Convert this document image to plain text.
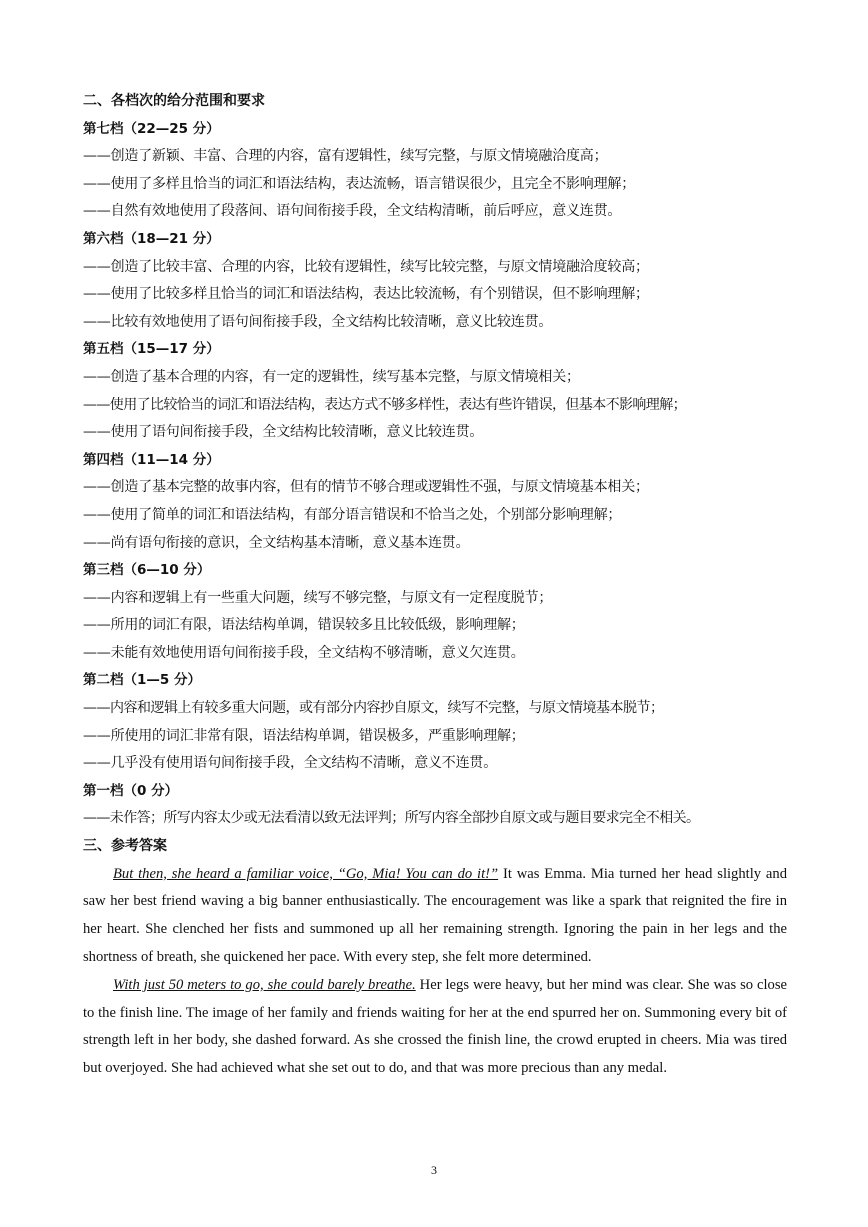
二、各档次的给分范围和要求
第七档（22—25 分）
——创造了新颖、丰富、合理的内容，富有逻辑性，续写完整，与原文情境融洽度高；
——使用了多样且恰当的词汇和语法结构，表达流畅，语言错误很少，且完全不影响理解；
——自然有效地使用了段落间、语句间衔接手段，全文结构清晰，前后呼应，意义连贯。
第六档（18—21 分）
——创造了比较丰富、合理的内容，比较有逻辑性，续写比较完整，与原文情境融洽度较高；
——使用了比较多样且恰当的词汇和语法结构，表达比较流畅，有个别错误，但不影响理解；
——比较有效地使用了语句间衔接手段，全文结构比较清晰，意义比较连贯。
第五档（15—17 分）
——创造了基本合理的内容，有一定的逻辑性，续写基本完整，与原文情境相关；
——使用了比较恰当的词汇和语法结构，表达方式不够多样性，表达有些许错误，但基本不影响理解；
——使用了语句间衔接手段，全文结构比较清晰，意义比较连贯。
第四档（11—14 分）
——创造了基本完整的故事内容，但有的情节不够合理或逻辑性不强，与原文情境基本相关；
——使用了简单的词汇和语法结构，有部分语言错误和不恰当之处，个别部分影响理解；
——尚有语句衔接的意识，全文结构基本清晰，意义基本连贯。
第三档（6—10 分）
——内容和逻辑上有一些重大问题，续写不够完整，与原文有一定程度脱节；
——所用的词汇有限，语法结构单调，错误较多且比较低级，影响理解；
——未能有效地使用语句间衔接手段，全文结构不够清晰，意义欠连贯。
第二档（1—5 分）
——内容和逻辑上有较多重大问题，或有部分内容抄自原文，续写不完整，与原文情境基本脱节；
——所使用的词汇非常有限，语法结构单调，错误极多，严重影响理解；
——几乎没有使用语句间衔接手段，全文结构不清晰，意义不连贯。
第一档（0 分）
——未作答；所写内容太少或无法看清以致无法评判；所写内容全部抄自原文或与题目要求完全不相关。
三、参考答案

But then, she heard a familiar voice, “Go, Mia! You can do it!” It was Emma. Mia turned her head slightly and saw her best friend waving a big banner enthusiastically. The encouragement was like a spark that reignited the fire in her heart. She clenched her fists and summoned up all her remaining strength. Ignoring the pain in her legs and the shortness of breath, she quickened her pace. With every step, she felt more determined.

With just 50 meters to go, she could barely breathe. Her legs were heavy, but her mind was clear. She was so close to the finish line. The image of her family and friends waiting for her at the end spurred her on. Summoning every bit of strength left in her body, she dashed forward. As she crossed the finish line, the crowd erupted in cheers. Mia was tired but overjoyed. She had achieved what she set out to do, and that was more precious than any medal.

3
